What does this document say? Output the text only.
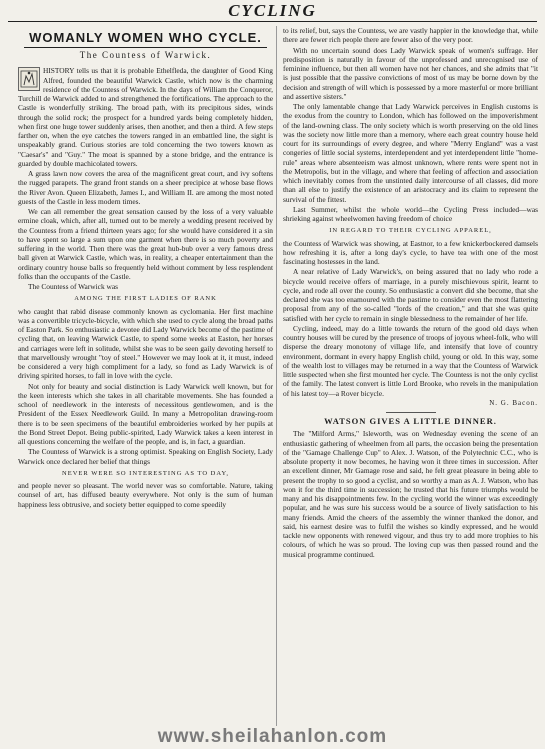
CYCLING
WOMANLY WOMEN WHO CYCLE.
The Countess of Warwick.

HISTORY tells us that it is probable Ethelfleda, the daughter of Good King Alfred, founded the beautiful Warwick Castle, which now is the charming residence of the Countess of Warwick. In the days of William the Conqueror, Turchill de Warwick added to and strengthened the fortifications. The approach to the Castle is wonderfully striking. The broad path, with its precipitous sides, winds through the solid rock; the prospect for a hundred yards being completely hidden, when first one huge tower suddenly arises, then another, and then a third. A few steps farther on, when the eye catches the towers ranged in an embattled line, the sight is unspeakably grand. Curious stories are told concerning the two towers known as "Caesar's" and "Guy." The moat is spanned by a stone bridge, and the entrance is guarded by double machicolated towers.

A grass lawn now covers the area of the magnificent great court, and ivy softens the rugged parapets. The grand front stands on a sheer precipice at whose base flows the River Avon. Queen Elizabeth, James I., and William II. are among the most noted guests of the Castle in less modern times.

We can all remember the great sensation caused by the loss of a very valuable ermine cloak, which, after all, turned out to be merely a wedding present received by the Countess from a friend thirteen years ago; for she would have considered it a sin to have spent so large a sum upon one garment when there is so much poverty and suffering in the world. Then there was the great hub-bub over a very famous dress ball given at Warwick Castle, which was, in reality, a cheaper entertainment than the ordinary country house balls so frequently held without comment by less resplendent folks than the occupants of the Castle.

The Countess of Warwick was

AMONG THE FIRST LADIES OF RANK

who caught that rabid disease commonly known as cyclomania. Her first machine was a convertible tricycle-bicycle, with which she used to cycle along the broad paths of Easton Park. So enthusiastic a devotee did Lady Warwick become of the pastime of cycling that, on leaving Warwick Castle, to spend some weeks at Easton, her horses and carriages were left in solitude, whilst she was to be seen gaily devoting herself to that marvellously wrought "toy of steel." However we may look at it, it must, indeed be considered a very high compliment for a lady, so fond as Lady Warwick is of driving spirited horses, to fall in love with the cycle.

Not only for beauty and social distinction is Lady Warwick well known, but for the keen interests which she takes in all charitable movements. She has founded a school of needlework in the interests of necessitous gentlewomen, and is the President of the Essex Needlework Guild. In many a Metropolitan drawing-room there is to be seen specimens of the beautiful embroideries worked by her pupils at the Bond Street Depot. Being public-spirited, Lady Warwick takes a keen interest in all questions concerning the welfare of the people, and is, in fact, a guardian.

The Countess of Warwick is a strong optimist. Speaking on English Society, Lady Warwick once declared her belief that things

NEVER WERE SO INTERESTING AS TO DAY,

and people never so pleasant. The world never was so comfortable. Nature, taking counsel of art, has diffused beauty everywhere. Not only is the sum of human happiness less obtrusive, and society better equipped to come speedily

to its relief, but, says the Countess, we are vastly happier in the knowledge that, while there are fewer rich people there are fewer also of the very poor.

With no uncertain sound does Lady Warwick speak of women's suffrage. Her predisposition is naturally in favour of the unprofessed and unrecognised use of feminine influence, but then all women have not her chances, and she admits that "it is just possible that the passive convictions of most of us may be borne down by the decision and strength of will which is possessed by a more masterful or more brilliant and assertive sisters."

The only lamentable change that Lady Warwick perceives in English customs is the exodus from the country to London, which has followed on the impoverishment of the land-owning class. The only society which is worth preserving on the old lines was the society now little more than a memory, where each great country house held court for its surroundings of every degree, and where "Merry England" was a vast congeries of little social systems, interdependent and yet interdependent little "home-rule" areas where absenteeism was almost unknown, where rents were spent not in the Metropolis, but in the village, and where that feeling of affection and association which inevitably comes from the unstinted daily intercourse of all classes, did more than all else to justify the existence of an aristocracy and its claim to represent the survival of the fittest.

Last Summer, whilst the whole world—the Cycling Press included—was shrieking against wheelwomen having freedom of choice

IN REGARD TO THEIR CYCLING APPAREL,

the Countess of Warwick was showing, at Eastnor, to a few knickerbockered damsels how refreshing it is, after a long day's cycle, to have tea with one of the most fascinating hostesses in the land.

A near relative of Lady Warwick's, on being assured that no lady who rode a bicycle would receive offers of marriage, in a purely mischievous spirit, learnt to cycle, and rode all over the county. So enthusiastic a convert did she become, that she declared she was too enamoured with the pastime to consider even the most flattering proposal from any of the so-called "lords of the creation," and that she was quite satisfied with her cycle to remain in single blessedness to the remainder of her life.

Cycling, indeed, may do a little towards the return of the good old days when country houses will be cured by the presence of troops of joyous wheel-folk, who will disperse the dreary monotony of village life, and intensify that love of country environment, dormant in every happy English child, young or old. In this way, some of the wealth lost to villages may be returned in a way that the Countess of Warwick little suspected when she first mounted her cycle. The Countess is not the only cyclist of the family. The latest convert is little Lord Brooke, who revels in the manipulation of his latest toy—a Rover bicycle.

N. G. Bacon.
WATSON GIVES A LITTLE DINNER.

The "Milford Arms," Isleworth, was on Wednesday evening the scene of an enthusiastic gathering of wheelmen from all parts, the occasion being the presentation of the "Gamage Challenge Cup" to Alex. J. Watson, of the Polytechnic C.C., who is absolute property it now becomes, he having won it three times in succession. After an excellent dinner, Mr Gamage rose and said, he felt great pleasure in being able to present the trophy to so good a cyclist, and so worthy a man as A. J. Watson, who has won it for the third time in succession; he trusted that his future triumphs would be many and his disappointments few. In the cycling world the winner was exceedingly popular, and he was sure his success would be a source of lively satisfaction to his many friends. Amid the cheers of the assembly the winner thanked the donor, and said, his earnest desire was to fulfil the wishes so kindly expressed, and he would tackle new opponents with renewed vigour, and thus try to add more trophies to his colours, of which he was so proud. The loving cup was then passed round and the musical programme continued.

www.sheilahanlon.com
